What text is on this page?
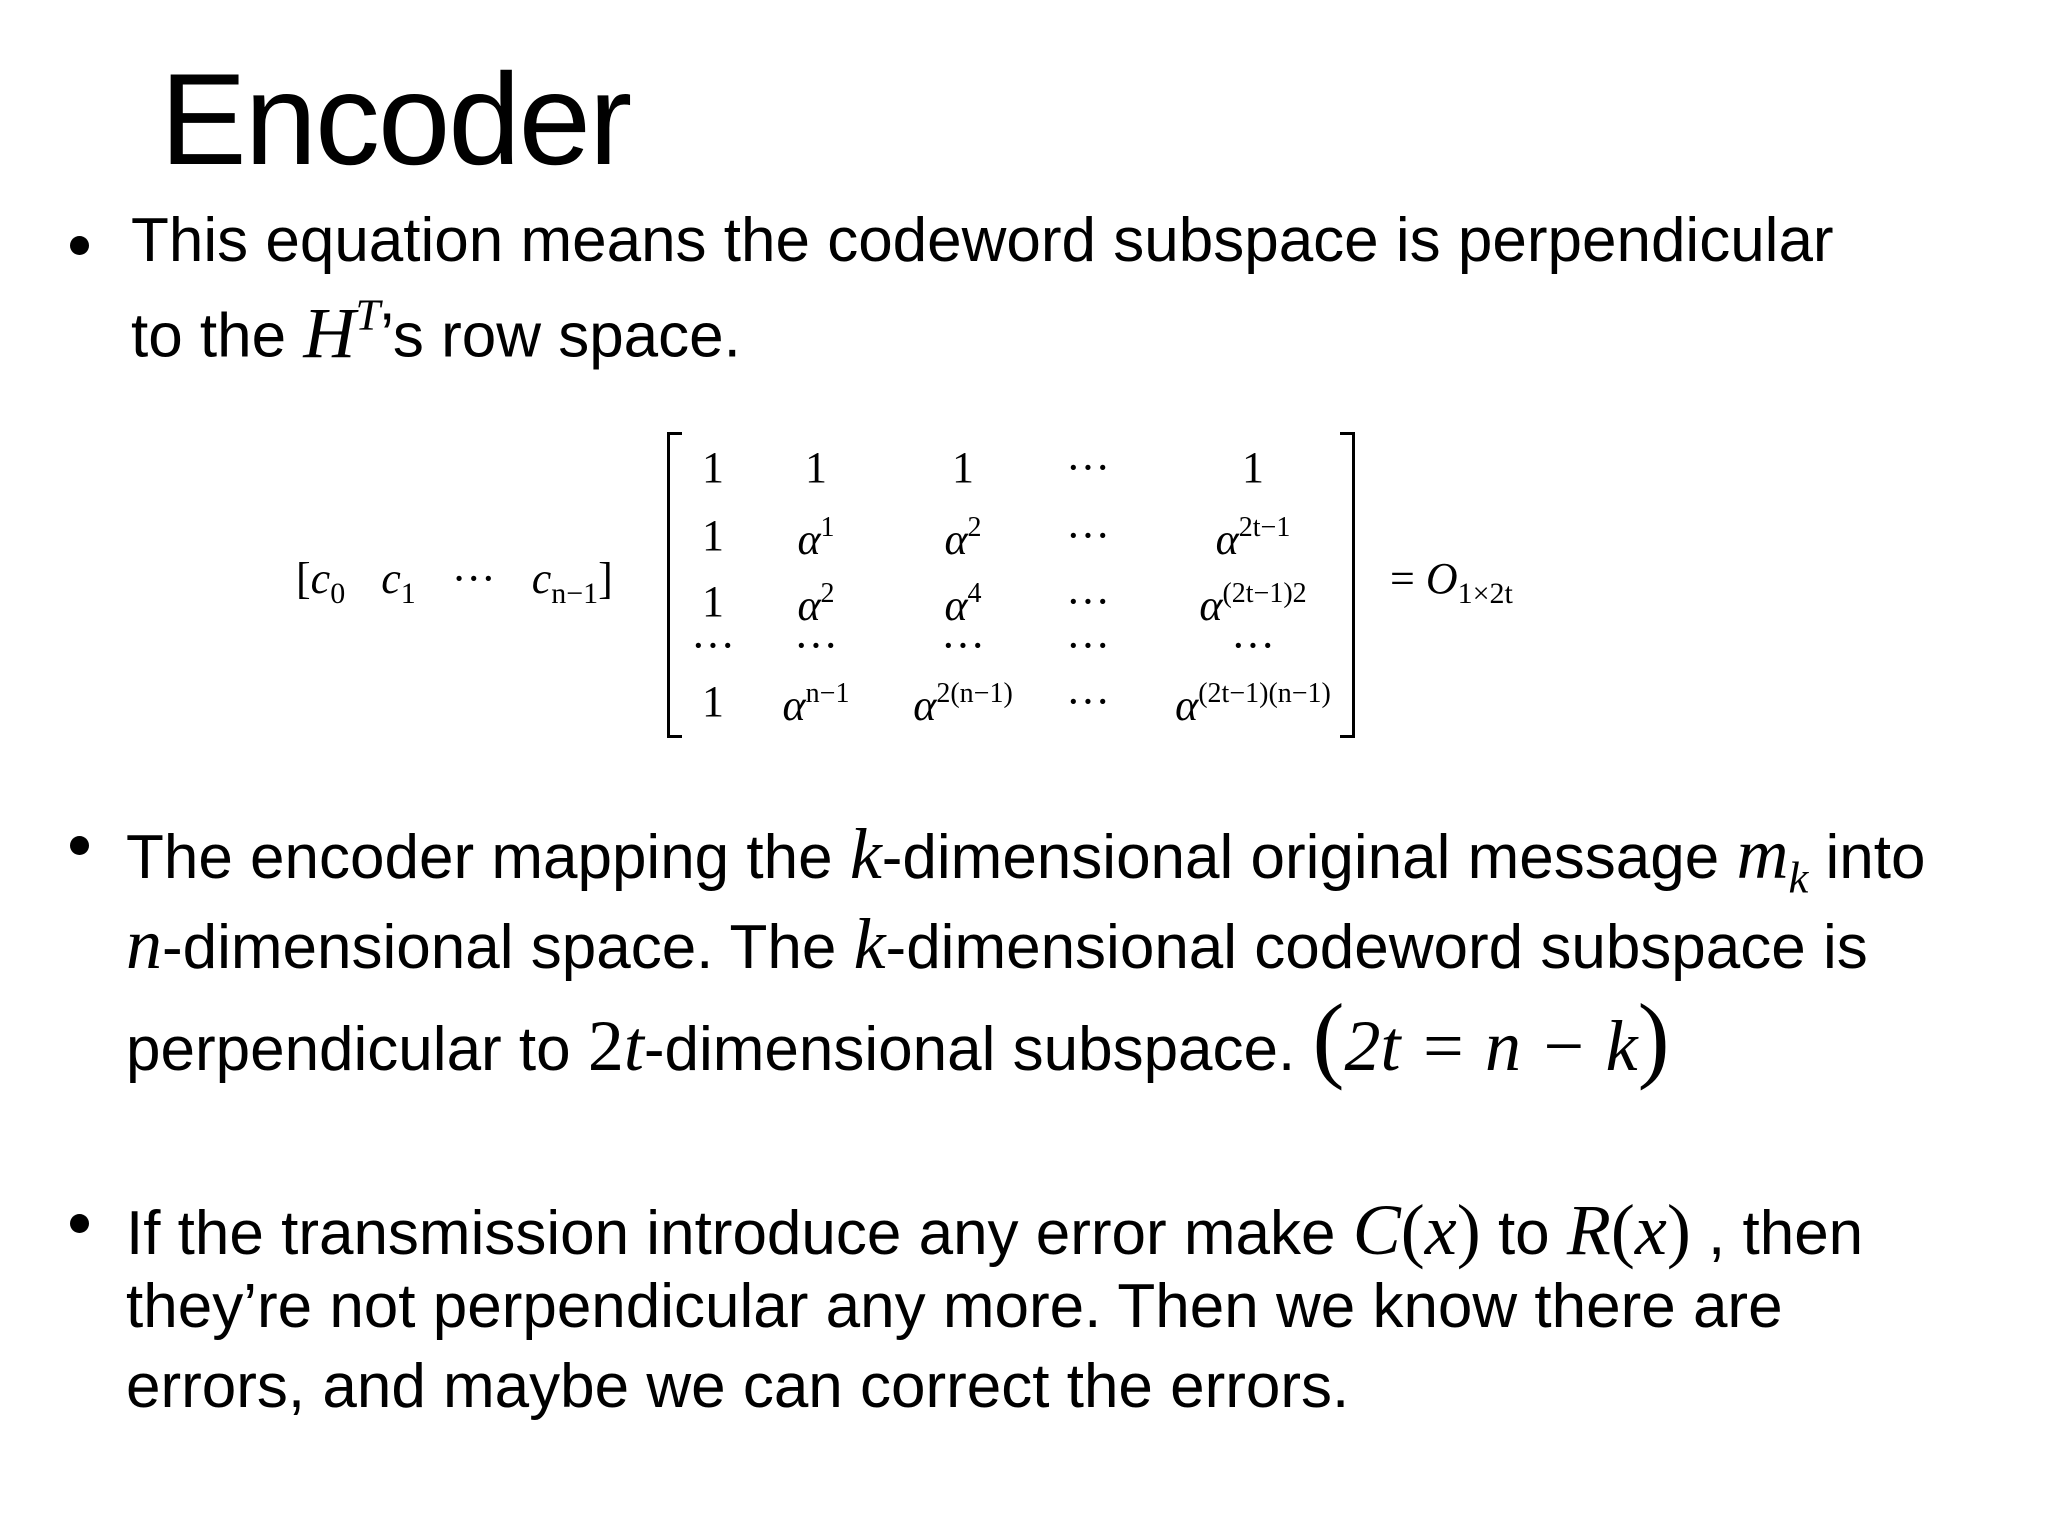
Encoder

This equation means the codeword subspace is perpendicular

to the $H^T’s$ row space.

[$c_0$ $c_1$ ··· $c_{n-1}$]
1 1	1 ···	1
1 $\alpha^1$ $\alpha^2$ ··· $\alpha^{2t-1}$
1 $\alpha^2$ $\alpha^4$ ··· $\alpha^{(2t-1)2}$
··· ··· ··· ···	···
1 $\alpha^{n-1}$ $\alpha^{2(n-1)}$ ··· $\alpha^{(2t-1)(n-1)}$
= $O_{1\times 2t}$

The encoder mapping the k-dimensional original message $m_k$ into

n-dimensional space. The k-dimensional codeword subspace is

perpendicular to 2t-dimensional subspace. (2t = n − k)

If the transmission introduce any error make C(x) to R(x) , then

they’re not perpendicular any more. Then we know there are

errors, and maybe we can correct the errors.
